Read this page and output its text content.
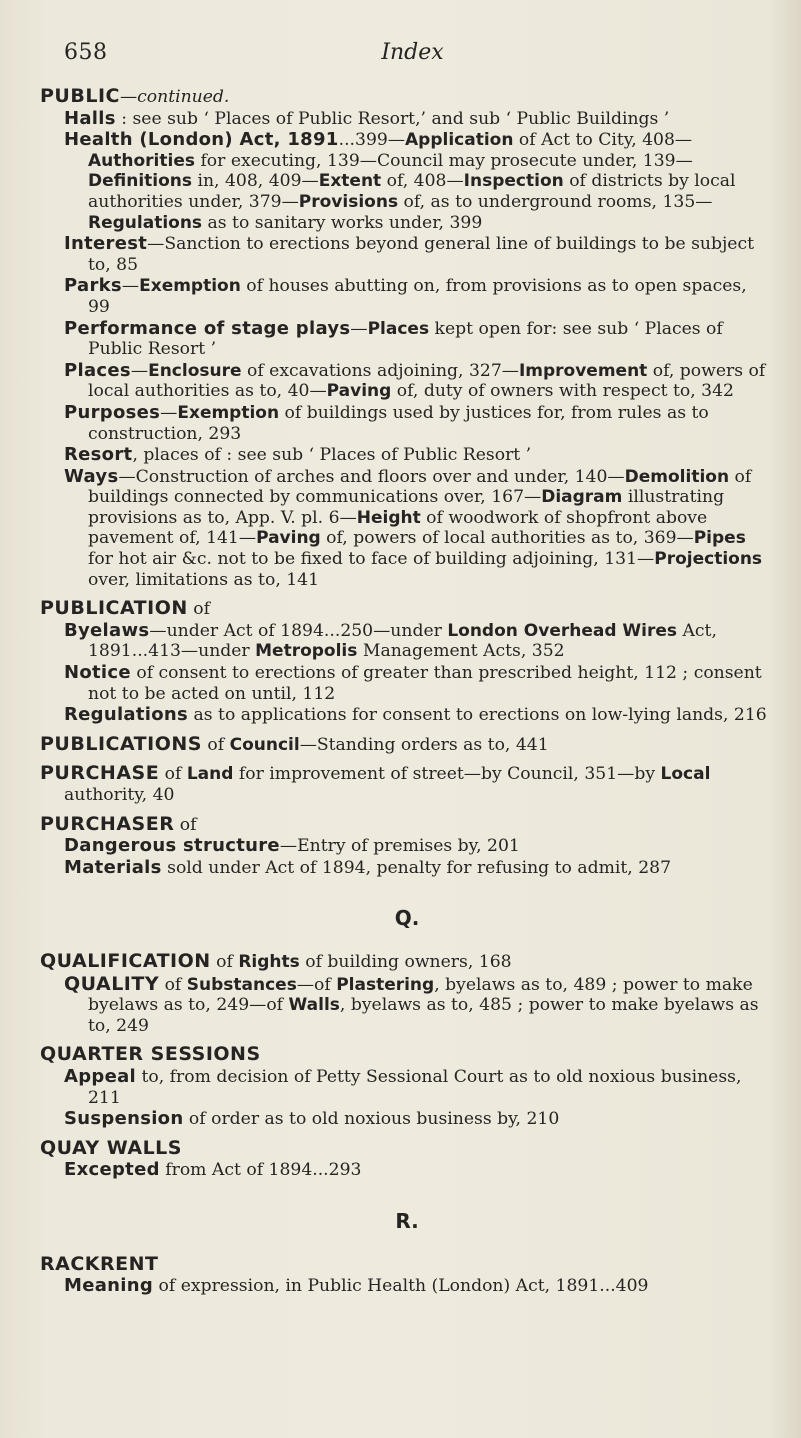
658	Index
PUBLIC—continued.
Halls : see sub ‘ Places of Public Resort,’ and sub ‘ Public Buildings ’
Health (London) Act, 1891...399—Application of Act to City, 408—Authorities for executing, 139—Council may prosecute under, 139—Definitions in, 408, 409—Extent of, 408—Inspection of districts by local authorities under, 379—Provisions of, as to underground rooms, 135—Regulations as to sanitary works under, 399
Interest—Sanction to erections beyond general line of buildings to be subject to, 85
Parks—Exemption of houses abutting on, from provisions as to open spaces, 99
Performance of stage plays—Places kept open for: see sub ‘ Places of Public Resort ’
Places—Enclosure of excavations adjoining, 327—Improvement of, powers of local authorities as to, 40—Paving of, duty of owners with respect to, 342
Purposes—Exemption of buildings used by justices for, from rules as to construction, 293
Resort, places of : see sub ‘ Places of Public Resort ’
Ways—Construction of arches and floors over and under, 140—Demolition of buildings connected by communications over, 167—Diagram illustrating provisions as to, App. V. pl. 6—Height of woodwork of shopfront above pavement of, 141—Paving of, powers of local authorities as to, 369—Pipes for hot air &c. not to be fixed to face of building adjoining, 131—Projections over, limitations as to, 141
PUBLICATION of
Byelaws—under Act of 1894...250—under London Overhead Wires Act, 1891...413—under Metropolis Management Acts, 352
Notice of consent to erections of greater than prescribed height, 112 ; consent not to be acted on until, 112
Regulations as to applications for consent to erections on low-lying lands, 216
PUBLICATIONS of Council—Standing orders as to, 441
PURCHASE of Land for improvement of street—by Council, 351—by Local authority, 40
PURCHASER of
Dangerous structure—Entry of premises by, 201
Materials sold under Act of 1894, penalty for refusing to admit, 287
Q.
QUALIFICATION of Rights of building owners, 168
QUALITY of Substances—of Plastering, byelaws as to, 489 ; power to make byelaws as to, 249—of Walls, byelaws as to, 485 ; power to make byelaws as to, 249
QUARTER SESSIONS
Appeal to, from decision of Petty Sessional Court as to old noxious business, 211
Suspension of order as to old noxious business by, 210
QUAY WALLS
Excepted from Act of 1894...293
R.
RACKRENT
Meaning of expression, in Public Health (London) Act, 1891...409
